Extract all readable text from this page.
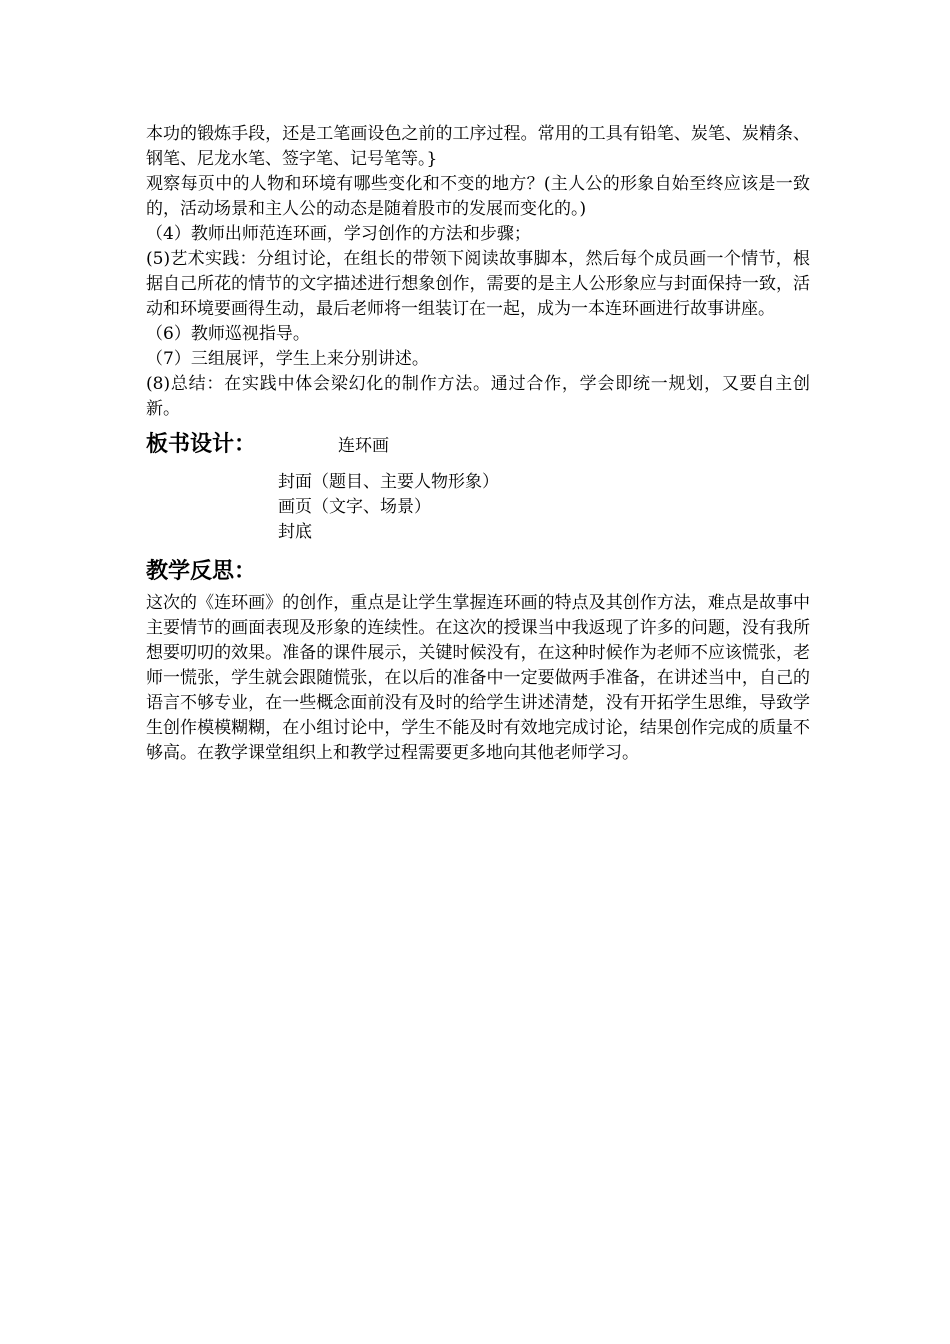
本功的锻炼手段，还是工笔画设色之前的工序过程。常用的工具有铅笔、炭笔、炭精条、钢笔、尼龙水笔、签字笔、记号笔等。}

观察每页中的人物和环境有哪些变化和不变的地方？(主人公的形象自始至终应该是一致的，活动场景和主人公的动态是随着股市的发展而变化的。)

（4）教师出师范连环画，学习创作的方法和步骤；

(5)艺术实践：分组讨论，在组长的带领下阅读故事脚本，然后每个成员画一个情节，根据自己所花的情节的文字描述进行想象创作，需要的是主人公形象应与封面保持一致，活动和环境要画得生动，最后老师将一组装订在一起，成为一本连环画进行故事讲座。

（6）教师巡视指导。

（7）三组展评，学生上来分别讲述。

(8)总结：在实践中体会梁幻化的制作方法。通过合作，学会即统一规划，又要自主创新。

板书设计：	连环画

封面（题目、主要人物形象）

画页（文字、场景）

封底

教学反思：

这次的《连环画》的创作，重点是让学生掌握连环画的特点及其创作方法，难点是故事中主要情节的画面表现及形象的连续性。在这次的授课当中我返现了许多的问题，没有我所想要叨叨的效果。准备的课件展示，关键时候没有，在这种时候作为老师不应该慌张，老师一慌张，学生就会跟随慌张，在以后的准备中一定要做两手准备，在讲述当中，自己的语言不够专业，在一些概念面前没有及时的给学生讲述清楚，没有开拓学生思维，导致学生创作模模糊糊，在小组讨论中，学生不能及时有效地完成讨论，结果创作完成的质量不够高。在教学课堂组织上和教学过程需要更多地向其他老师学习。
